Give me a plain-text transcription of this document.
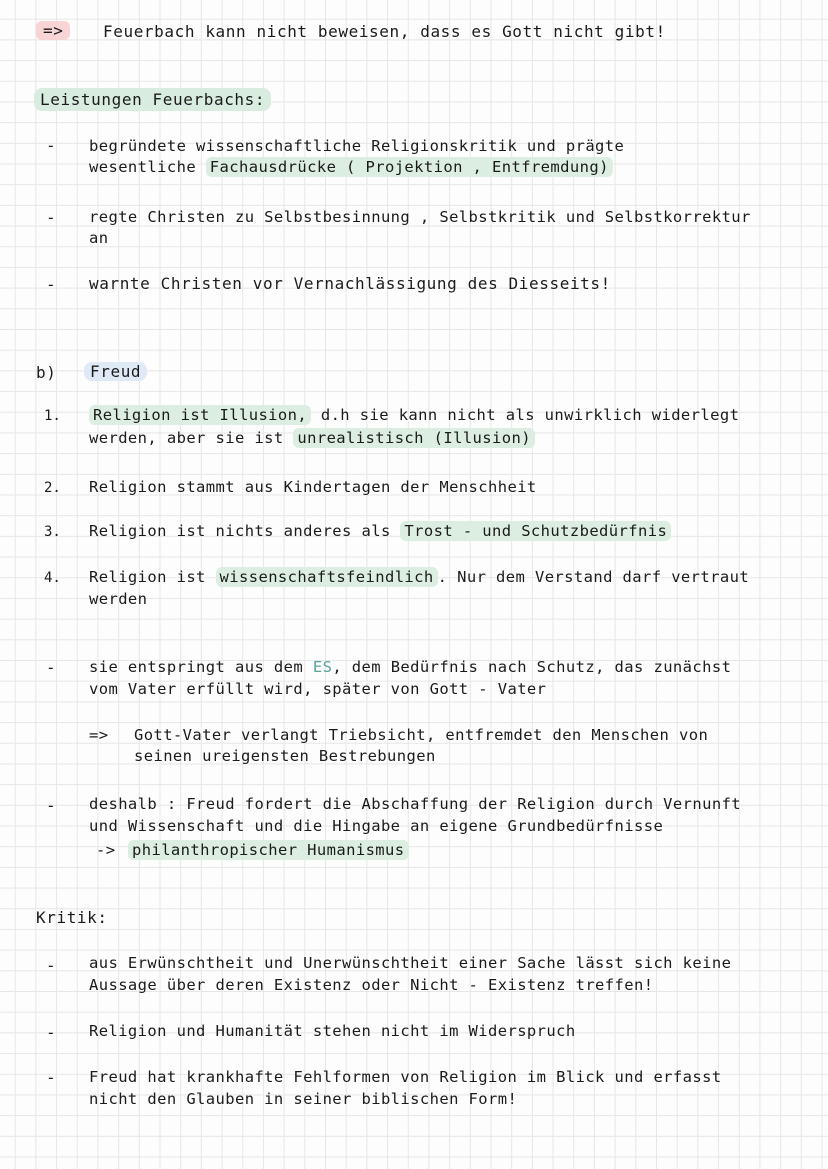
=>	Feuerbach kann nicht beweisen, dass es Gott nicht gibt!
Leistungen Feuerbachs:
- begründete wissenschaftliche Religionskritik und prägte
wesentliche Fachausdrücke ( Projektion , Entfremdung)
- regte Christen zu Selbstbesinnung , Selbstkritik und Selbstkorrektur
an
- warnte Christen vor Vernachlässigung des Diesseits!
b)	Freud
1. Religion ist Illusion, d.h sie kann nicht als unwirklich widerlegt
werden, aber sie ist unrealistisch (Illusion)
2. Religion stammt aus Kindertagen der Menschheit
3. Religion ist nichts anderes als Trost - und Schutzbedürfnis
4. Religion ist wissenschaftsfeindlich . Nur dem Verstand darf vertraut
werden
- sie entspringt aus dem ES, dem Bedürfnis nach Schutz, das zunächst
vom Vater erfüllt wird, später von Gott - Vater
=> Gott-Vater verlangt Triebsicht, entfremdet den Menschen von
seinen ureigensten Bestrebungen
- deshalb : Freud fordert die Abschaffung der Religion durch Vernunft
und Wissenschaft und die Hingabe an eigene Grundbedürfnisse
-> philanthropischer Humanismus
Kritik:
- aus Erwünschtheit und Unerwünschtheit einer Sache lässt sich keine
Aussage über deren Existenz oder Nicht - Existenz treffen!
- Religion und Humanität stehen nicht im Widerspruch
- Freud hat krankhafte Fehlformen von Religion im Blick und erfasst
nicht den Glauben in seiner biblischen Form!
